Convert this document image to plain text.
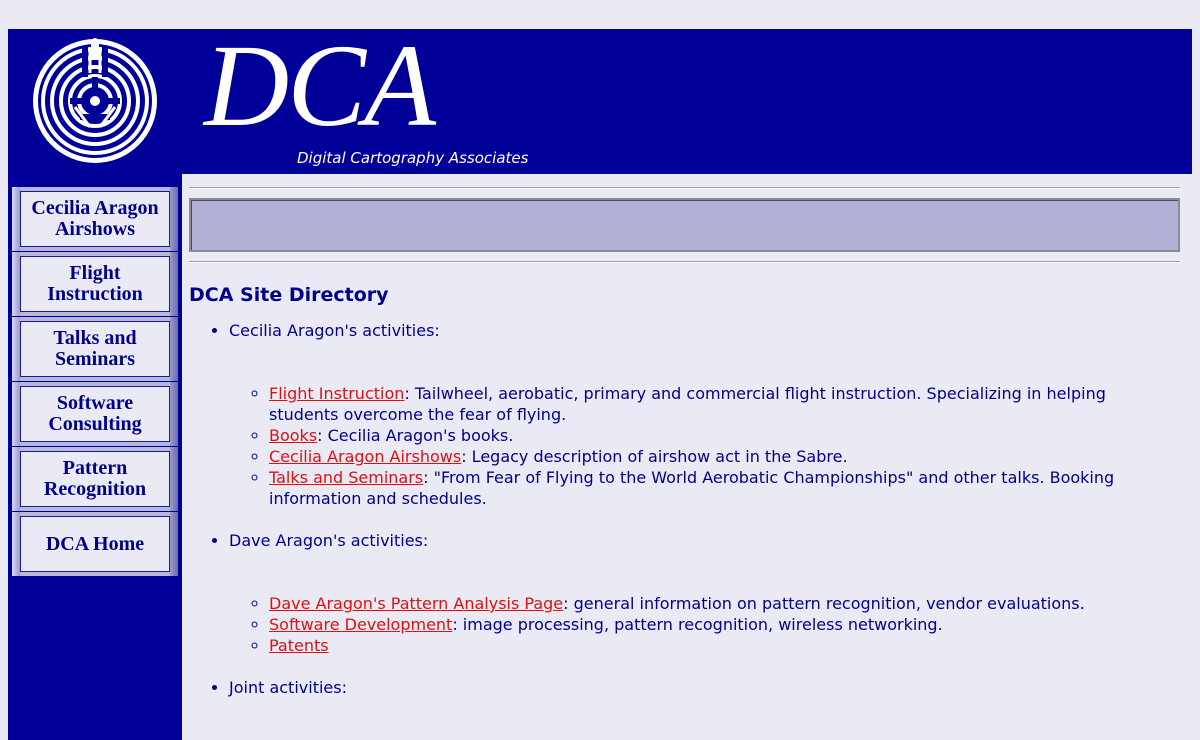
DCA
Digital Cartography Associates
Cecilia Aragon
Airshows
Flight
Instruction
Talks and
Seminars
Software
Consulting
Pattern
Recognition
DCA Home
DCA Site Directory
• Cecilia Aragon's activities:
◦ Flight Instruction: Tailwheel, aerobatic, primary and commercial flight instruction. Specializing in helping students overcome the fear of flying.
◦ Books: Cecilia Aragon's books.
◦ Cecilia Aragon Airshows: Legacy description of airshow act in the Sabre.
◦ Talks and Seminars: "From Fear of Flying to the World Aerobatic Championships" and other talks. Booking information and schedules.
• Dave Aragon's activities:
◦ Dave Aragon's Pattern Analysis Page: general information on pattern recognition, vendor evaluations.
◦ Software Development: image processing, pattern recognition, wireless networking.
◦ Patents
• Joint activities:
